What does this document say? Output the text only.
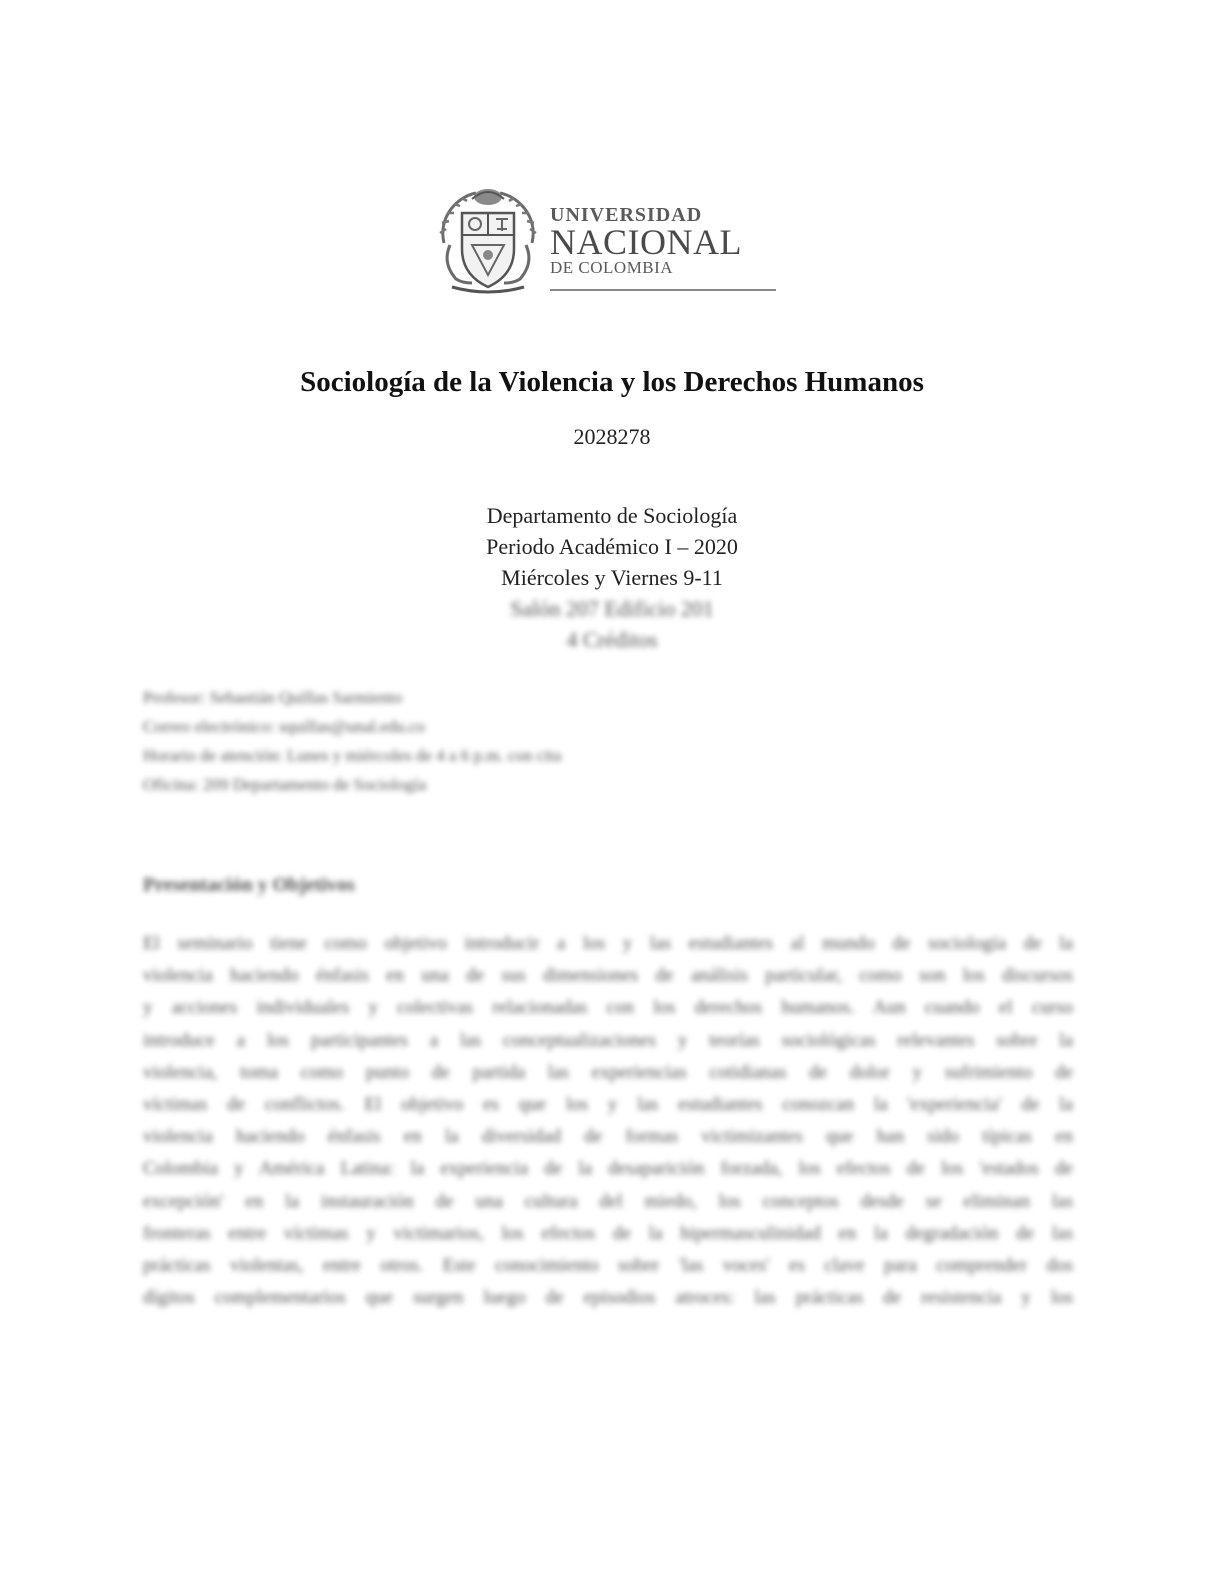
UNIVERSIDAD
NACIONAL
DE COLOMBIA
Sociología de la Violencia y los Derechos Humanos
2028278
Departamento de Sociología
Periodo Académico I – 2020
Miércoles y Viernes 9-11
Salón 207 Edificio 201
4 Créditos
Profesor: Sebastián Quillas Sarmiento
Correo electrónico: squillas@unal.edu.co
Horario de atención: Lunes y miércoles de 4 a 6 p.m. con cita
Oficina: 209 Departamento de Sociología
Presentación y Objetivos
El seminario tiene como objetivo introducir a los y las estudiantes al mundo de sociología de la
violencia haciendo énfasis en una de sus dimensiones de análisis particular, como son los discursos
y acciones individuales y colectivas relacionadas con los derechos humanos. Aun cuando el curso
introduce a los participantes a las conceptualizaciones y teorías sociológicas relevantes sobre la
violencia, toma como punto de partida las experiencias cotidianas de dolor y sufrimiento de
víctimas de conflictos. El objetivo es que los y las estudiantes conozcan la 'experiencia' de la
violencia haciendo énfasis en la diversidad de formas victimizantes que han sido típicas en
Colombia y América Latina: la experiencia de la desaparición forzada, los efectos de los 'estados de
excepción' en la instauración de una cultura del miedo, los conceptos desde se eliminan las
fronteras entre víctimas y victimarios, los efectos de la hipermasculinidad en la degradación de las
prácticas violentas, entre otros. Este conocimiento sobre 'las voces' es clave para comprender dos
dígitos complementarios que surgen luego de episodios atroces: las prácticas de resistencia y los
